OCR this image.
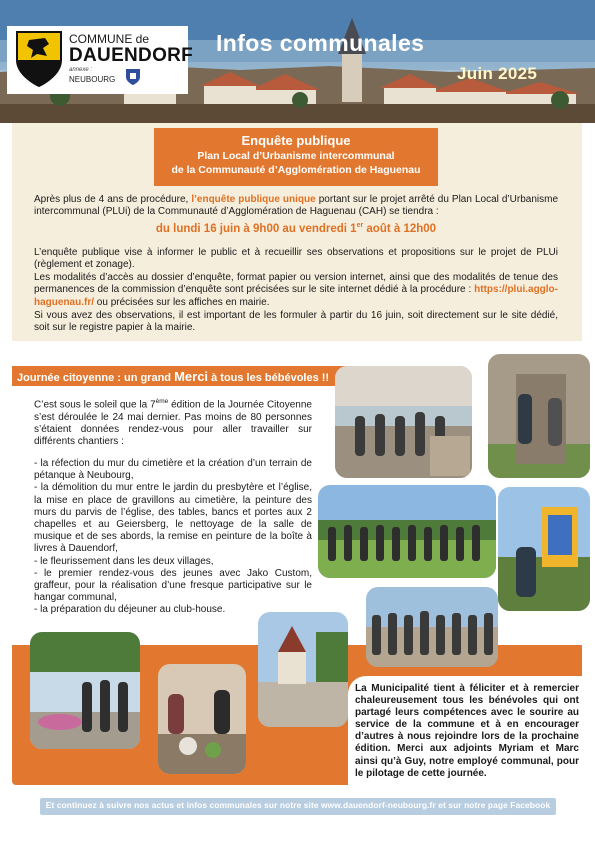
COMMUNE de
DAUENDORF
annexe :
NEUBOURG
Infos communales
Juin 2025
Enquête publique
Plan Local d’Urbanisme intercommunal
de la Communauté d’Agglomération de Haguenau
Après plus de 4 ans de procédure, l’enquête publique unique portant sur le projet arrêté du Plan Local d’Urbanisme intercommunal (PLUi) de la Communauté d’Agglomération de Haguenau (CAH) se tiendra :
du lundi 16 juin à 9h00 au vendredi 1er août à 12h00
L’enquête publique vise à informer le public et à recueillir ses observations et propositions sur le projet de PLUi (règlement et zonage).
Les modalités d’accès au dossier d’enquête, format papier ou version internet, ainsi que des modalités de tenue des permanences de la commission d’enquête sont précisées sur le site internet dédié à la procédure : https://plui.agglo-haguenau.fr/ ou précisées sur les affiches en mairie.
Si vous avez des observations, il est important de les formuler à partir du 16 juin, soit directement sur le site dédié, soit sur le registre papier à la mairie.
Journée citoyenne : un grand Merci à tous les bébévoles !!
C’est sous le soleil que la 7ème édition de la Journée Citoyenne s’est déroulée le 24 mai dernier. Pas moins de 80 personnes s’étaient données rendez-vous pour aller travailler sur différents chantiers :
- la réfection du mur du cimetière et la création d’un terrain de pétanque à Neubourg,
- la démolition du mur entre le jardin du presbytère et l’église, la mise en place de gravillons au cimetière, la peinture des murs du parvis de l’église, des tables, bancs et portes aux 2 chapelles et au Geiersberg, le nettoyage de la salle de musique et de ses abords, la remise en peinture de la boîte à livres à Dauendorf,
- le fleurissement dans les deux villages,
- le premier rendez-vous des jeunes avec Jako Custom, graffeur, pour la réalisation d’une fresque participative sur le hangar communal,
- la préparation du déjeuner au club-house.
La Municipalité tient à féliciter et à remercier chaleureusement tous les bénévoles qui ont partagé leurs compétences avec le sourire au service de la commune et à en encourager d’autres à nous rejoindre lors de la prochaine édition. Merci aux adjoints Myriam et Marc ainsi qu’à Guy, notre employé communal, pour le pilotage de cette journée.
Et continuez à suivre nos actus et infos communales sur notre site www.dauendorf-neubourg.fr et sur notre page Facebook
